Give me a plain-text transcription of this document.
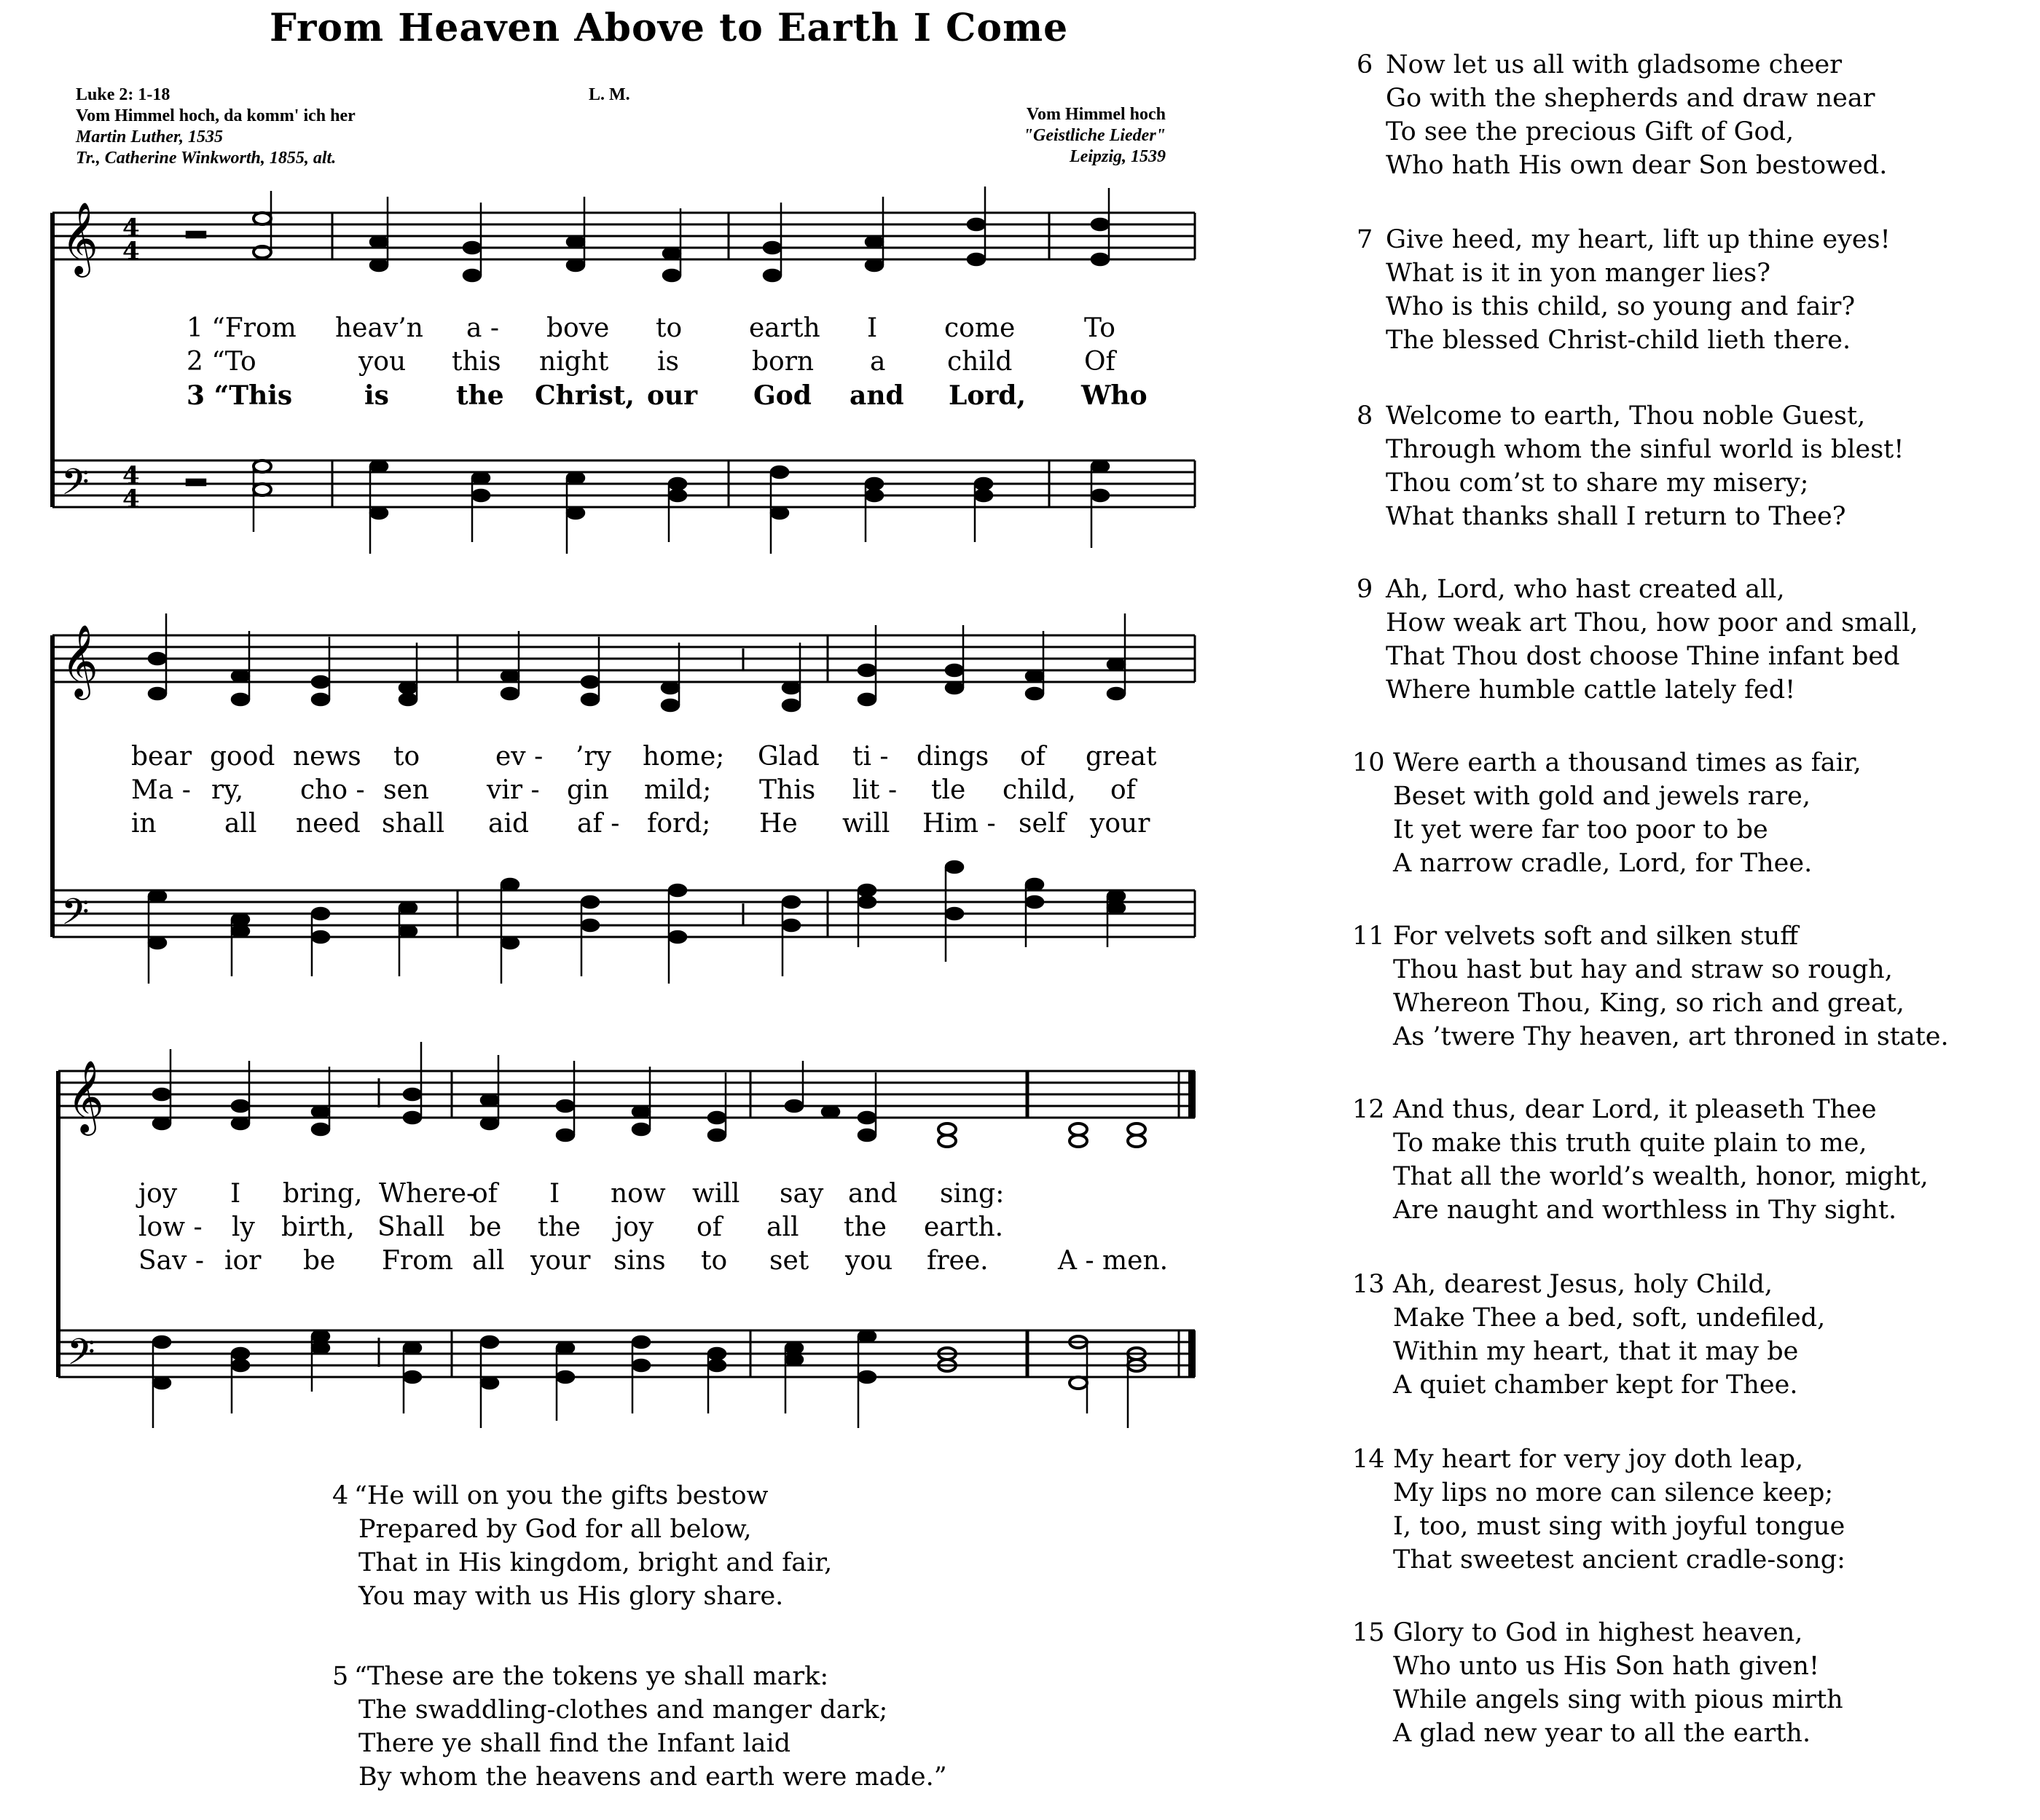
From Heaven Above to Earth I Come
Luke 2: 1-18
Vom Himmel hoch, da komm' ich her
Martin Luther, 1535
Tr., Catherine Winkworth, 1855, alt.
L. M.
Vom Himmel hoch
"Geistliche Lieder"
Leipzig, 1539
𝄞
𝄢
𝄞
𝄢
𝄞
𝄢
4
4
4
4
1 “From heav’n a - bove to	earth I	come	To
2 “To	you this night is	born a child	Of
3 “This	is	the Christ, our God and Lord, Who
bear good news to	ev - ’ry home; Glad ti - dings of great
Ma - ry, cho - sen vir - gin mild; This lit - tle child, of
in	all need shall aid af - ford; He will Him - self your
joy I bring, Where-
of I now will say and sing:
low - ly birth, Shall be the joy of all the earth.
Sav - ior be From all your sins to set you free.	A - men.
4 “He will on you the gifts bestow
Prepared by God for all below,
That in His kingdom, bright and fair,
You may with us His glory share.
5 “These are the tokens ye shall mark:
The swaddling-clothes and manger dark;
There ye shall find the Infant laid
By whom the heavens and earth were made.”
6 Now let us all with gladsome cheer
Go with the shepherds and draw near
To see the precious Gift of God,
Who hath His own dear Son bestowed.
7 Give heed, my heart, lift up thine eyes!
What is it in yon manger lies?
Who is this child, so young and fair?
The blessed Christ-child lieth there.
8 Welcome to earth, Thou noble Guest,
Through whom the sinful world is blest!
Thou com’st to share my misery;
What thanks shall I return to Thee?
9 Ah, Lord, who hast created all,
How weak art Thou, how poor and small,
That Thou dost choose Thine infant bed
Where humble cattle lately fed!
10 Were earth a thousand times as fair,
Beset with gold and jewels rare,
It yet were far too poor to be
A narrow cradle, Lord, for Thee.
11 For velvets soft and silken stuff
Thou hast but hay and straw so rough,
Whereon Thou, King, so rich and great,
As ’twere Thy heaven, art throned in state.
12 And thus, dear Lord, it pleaseth Thee
To make this truth quite plain to me,
That all the world’s wealth, honor, might,
Are naught and worthless in Thy sight.
13 Ah, dearest Jesus, holy Child,
Make Thee a bed, soft, undefiled,
Within my heart, that it may be
A quiet chamber kept for Thee.
14 My heart for very joy doth leap,
My lips no more can silence keep;
I, too, must sing with joyful tongue
That sweetest ancient cradle-song:
15 Glory to God in highest heaven,
Who unto us His Son hath given!
While angels sing with pious mirth
A glad new year to all the earth.
